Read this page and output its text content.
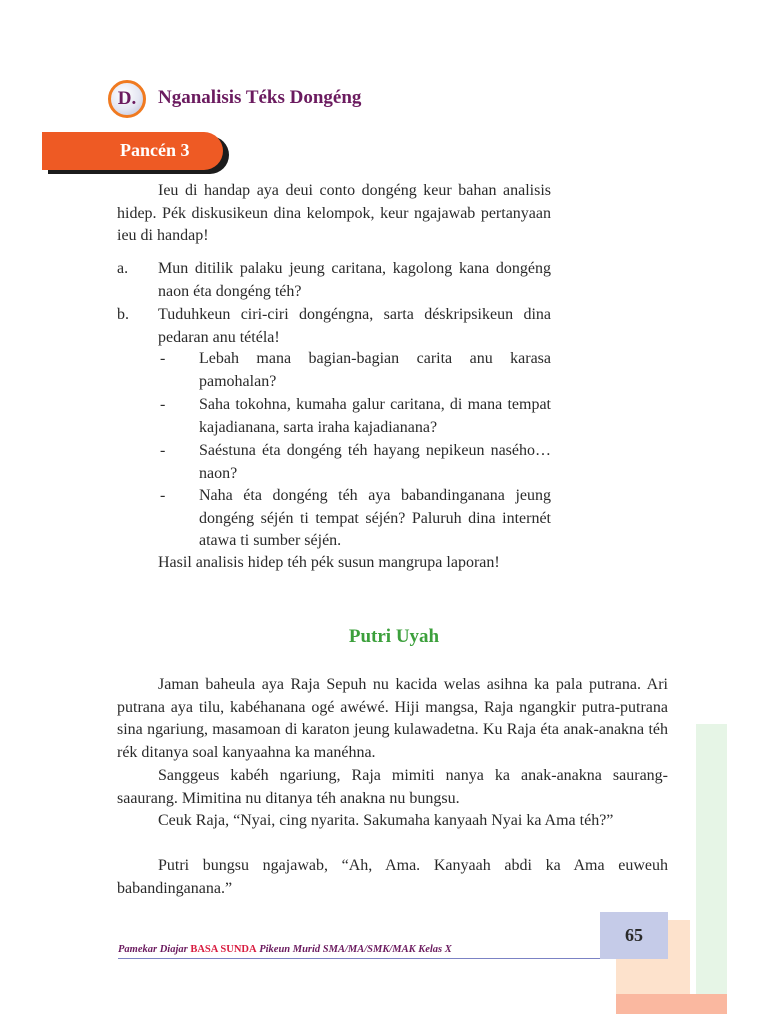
D.	Nganalisis Téks Dongéng
Pancén 3

Ieu di handap aya deui conto dongéng keur bahan analisis hidep. Pék diskusikeun dina kelompok, keur ngajawab pertanyaan ieu di handap!

a. Mun ditilik palaku jeung caritana, kagolong kana dongéng naon éta dongéng téh?

b. Tuduhkeun ciri-ciri dongéngna, sarta déskripsikeun dina pedaran anu tétéla!

- Lebah mana bagian-bagian carita anu karasa pamohalan?

- Saha tokohna, kumaha galur caritana, di mana tempat kajadianana, sarta iraha kajadianana?

- Saéstuna éta dongéng téh hayang nepikeun nasého… naon?

- Naha éta dongéng téh aya babandinganana jeung dongéng séjén ti tempat séjén? Paluruh dina internét atawa ti sumber séjén.

Hasil analisis hidep téh pék susun mangrupa laporan!

Putri Uyah

Jaman baheula aya Raja Sepuh nu kacida welas asihna ka pala putrana. Ari putrana aya tilu, kabéhanana ogé awéwé. Hiji mangsa, Raja ngangkir putra-putrana sina ngariung, masamoan di karaton jeung kulawadetna. Ku Raja éta anak-anakna téh rék ditanya soal kanyaahna ka manéhna.

Sanggeus kabéh ngariung, Raja mimiti nanya ka anak-anakna saurang-saaurang. Mimitina nu ditanya téh anakna nu bungsu.

Ceuk Raja, “Nyai, cing nyarita. Sakumaha kanyaah Nyai ka Ama téh?”

Putri bungsu ngajawab, “Ah, Ama. Kanyaah abdi ka Ama euweuh babandinganana.”

Pamekar Diajar BASA SUNDA Pikeun Murid SMA/MA/SMK/MAK Kelas X
65
